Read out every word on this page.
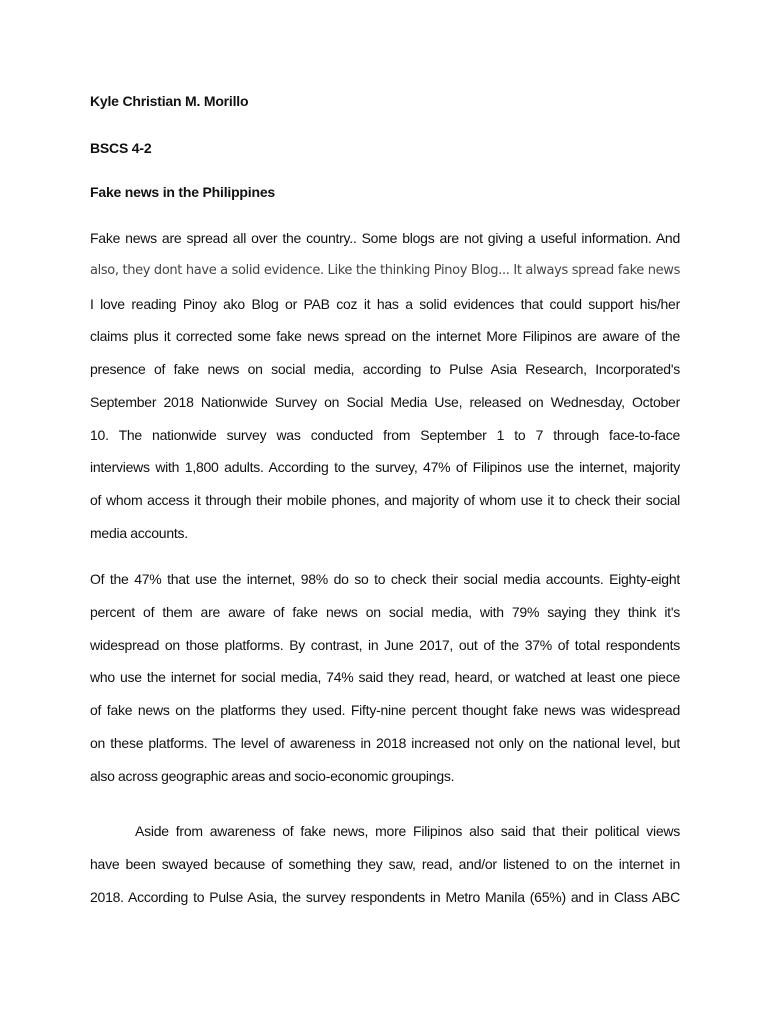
Kyle Christian M. Morillo
BSCS 4-2
Fake news in the Philippines
Fake news are spread all over the country.. Some blogs are not giving a useful information. And
also, they dont have a solid evidence. Like the thinking Pinoy Blog... It always spread fake news
I love reading Pinoy ako Blog or PAB coz it has a solid evidences that could support his/her
claims plus it corrected some fake news spread on the internet More Filipinos are aware of the
presence of fake news on social media, according to Pulse Asia Research, Incorporated's
September 2018 Nationwide Survey on Social Media Use, released on Wednesday, October
10. The nationwide survey was conducted from September 1 to 7 through face-to-face
interviews with 1,800 adults. According to the survey, 47% of Filipinos use the internet, majority
of whom access it through their mobile phones, and majority of whom use it to check their social
media accounts.
Of the 47% that use the internet, 98% do so to check their social media accounts. Eighty-eight
percent of them are aware of fake news on social media, with 79% saying they think it's
widespread on those platforms. By contrast, in June 2017, out of the 37% of total respondents
who use the internet for social media, 74% said they read, heard, or watched at least one piece
of fake news on the platforms they used. Fifty-nine percent thought fake news was widespread
on these platforms. The level of awareness in 2018 increased not only on the national level, but
also across geographic areas and socio-economic groupings.
Aside from awareness of fake news, more Filipinos also said that their political views
have been swayed because of something they saw, read, and/or listened to on the internet in
2018. According to Pulse Asia, the survey respondents in Metro Manila (65%) and in Class ABC
